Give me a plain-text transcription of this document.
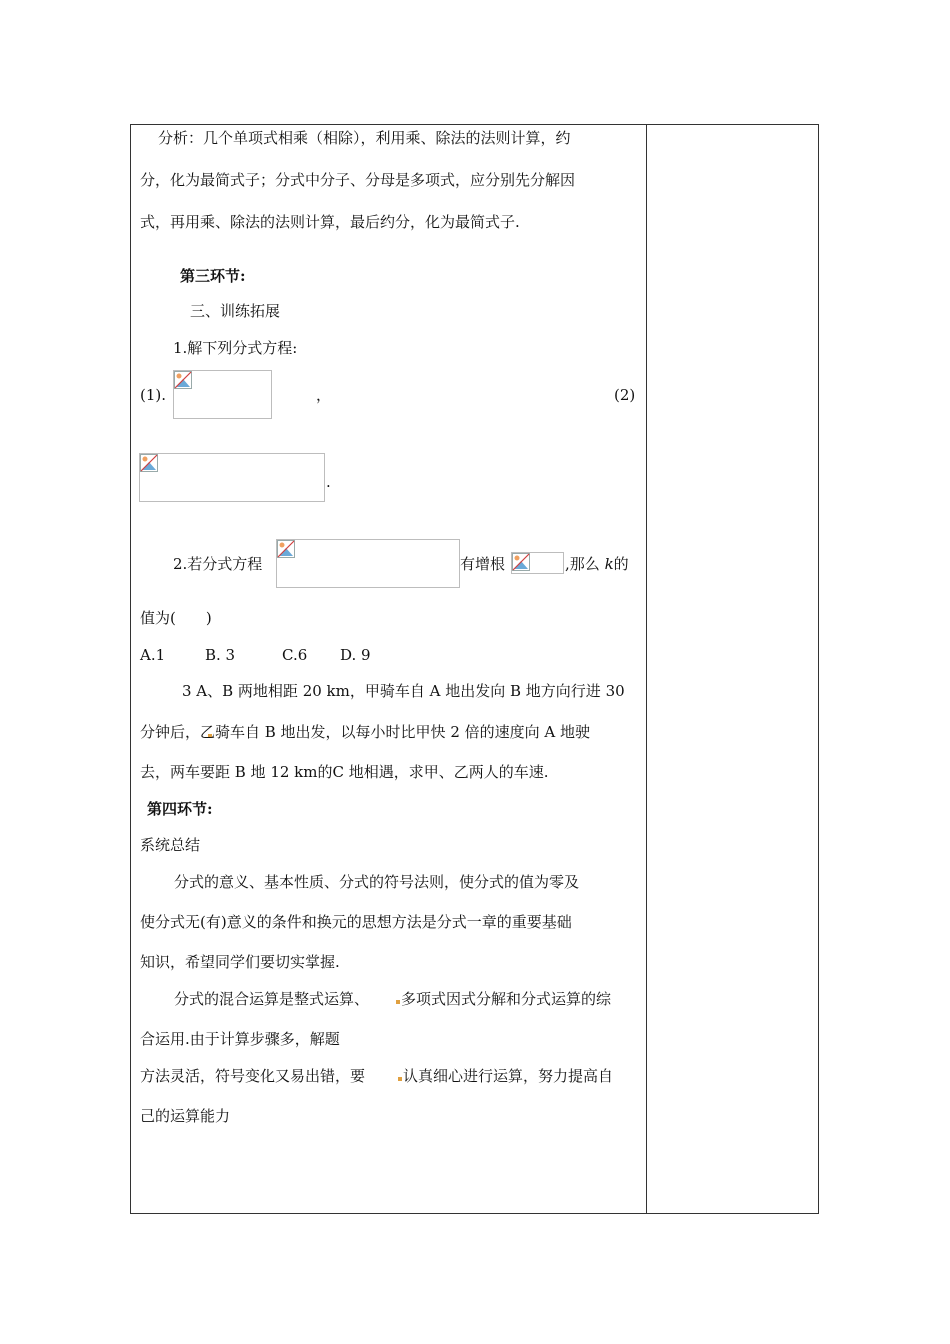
分析：几个单项式相乘（相除），利用乘、除法的法则计算，约
分，化为最简式子；分式中分子、分母是多项式，应分别先分解因
式，再用乘、除法的法则计算，最后约分，化为最简式子.
第三环节:
三、训练拓展
1.解下列分式方程:
(1).	，	(2)
.
2.若分式方程	有增根	,那么 k的
值为(　　)
A.1	B. 3	C.6 D. 9
3 A、B 两地相距 20 km，甲骑车自 A 地出发向 B 地方向行进 30
分钟后，乙骑车自 B 地出发，以每小时比甲快 2 倍的速度向 A 地驶
去，两车要距 B 地 12 km的C 地相遇，求甲、乙两人的车速.
第四环节:
系统总结
分式的意义、基本性质、分式的符号法则，使分式的值为零及
使分式无(有)意义的条件和换元的思想方法是分式一章的重要基础
知识，希望同学们要切实掌握.
分式的混合运算是整式运算、 多项式因式分解和分式运算的综
合运用.由于计算步骤多，解题
方法灵活，符号变化又易出错，要	认真细心进行运算，努力提高自
己的运算能力
